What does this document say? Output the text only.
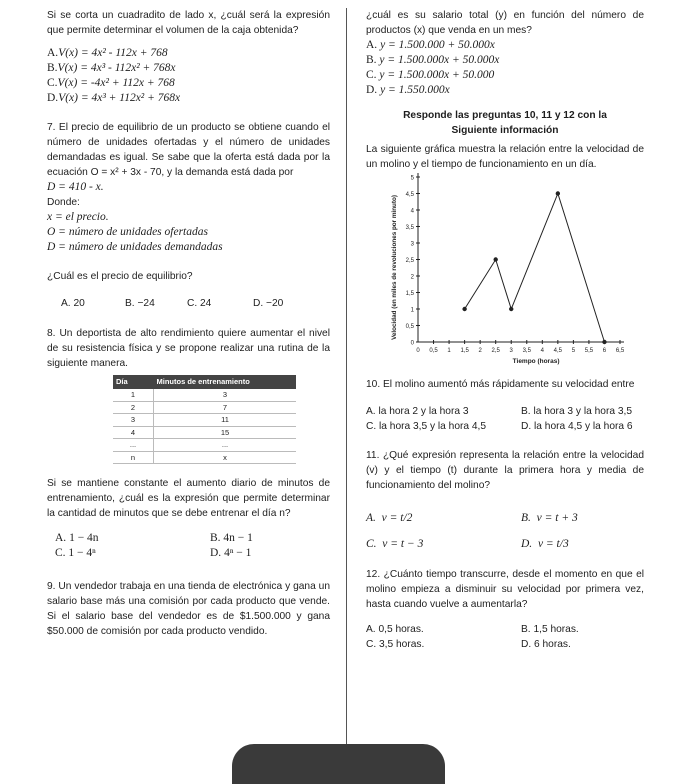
Si se corta un cuadradito de lado x, ¿cuál será la expresión que permite determinar el volumen de la caja obtenida?

A.V(x) = 4x² - 112x + 768

B.V(x) = 4x³ - 112x² + 768x

C.V(x) = -4x² + 112x + 768

D.V(x) = 4x³ + 112x² + 768x

7. El precio de equilibrio de un producto se obtiene cuando el número de unidades ofertadas y el número de unidades demandadas es igual. Se sabe que la oferta está dada por la ecuación O = x² + 3x - 70, y la demanda está dada por

D = 410 - x.

Donde:

x = el precio.

O = número de unidades ofertadas

D = número de unidades demandadas

¿Cuál es el precio de equilibrio?

A. 20	B. −24	C. 24	D. −20

8. Un deportista de alto rendimiento quiere aumentar el nivel de su resistencia física y se propone realizar una rutina de la siguiente manera.

Día	Minutos de entrenamiento
1	3
2	7
3	11
4	15
...	...
n	x

Si se mantiene constante el aumento diario de minutos de entrenamiento, ¿cuál es la expresión que permite determinar la cantidad de minutos que se debe entrenar el día n?

A. 1 − 4n	B. 4n − 1

C. 1 − 4ⁿ	D. 4ⁿ − 1

9. Un vendedor trabaja en una tienda de electrónica y gana un salario base más una comisión por cada producto que vende. Si el salario base del vendedor es de $1.500.000 y gana $50.000 de comisión por cada producto vendido.

¿cuál es su salario total (y) en función del número de productos (x) que venda en un mes?

A. y = 1.500.000 + 50.000x

B. y = 1.500.000x + 50.000x

C. y = 1.500.000x + 50.000

D. y = 1.550.000x

Responde las preguntas 10, 11 y 12 con la Siguiente información

La siguiente gráfica muestra la relación entre la velocidad de un molino y el tiempo de funcionamiento en un día.

0
0,5
1
1,5
2
2,5
3
3,5
4
4,5
5
0 0,5 1 1,5 2 2,5 3 3,5 4 4,5 5 5,5 6 6,5
Tiempo (horas)
Velocidad (en miles de revoluciones por minuto)

10. El molino aumentó más rápidamente su velocidad entre

A. la hora 2 y la hora 3	B. la hora 3 y la hora 3,5
C. la hora 3,5 y la hora 4,5	D. la hora 4,5 y la hora 6

11. ¿Qué expresión representa la relación entre la velocidad (v) y el tiempo (t) durante la primera hora y media de funcionamiento del molino?

A. v = t/2	B. v = t + 3
C. v = t − 3	D. v = t/3

12. ¿Cuánto tiempo transcurre, desde el momento en que el molino empieza a disminuir su velocidad por primera vez, hasta cuando vuelve a aumentarla?

A. 0,5 horas.	B. 1,5 horas.
C. 3,5 horas.	D. 6 horas.
